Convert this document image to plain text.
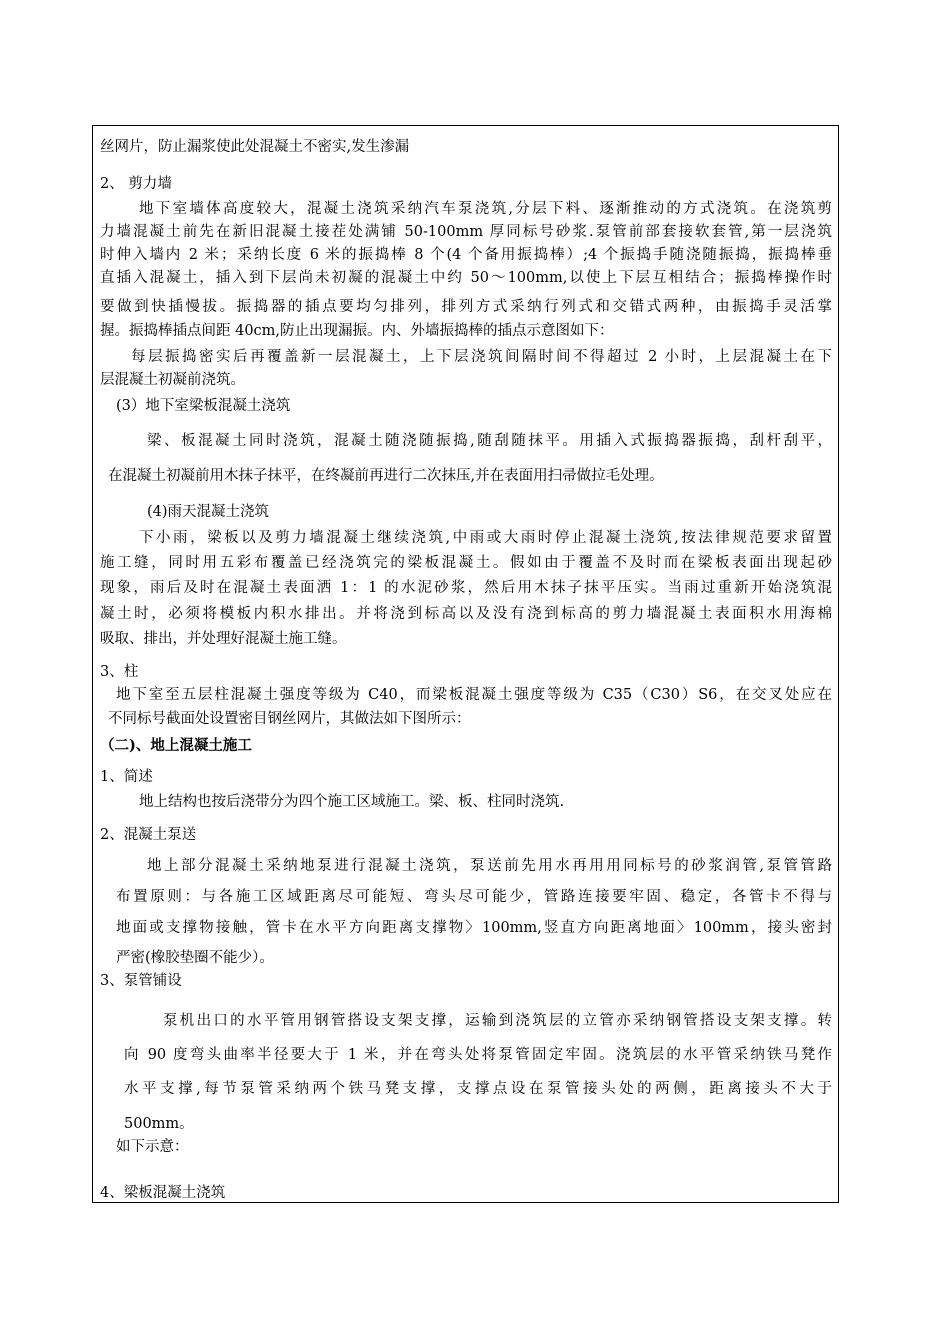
丝网片，防止漏浆使此处混凝土不密实,发生渗漏
2、 剪力墙
地下室墙体高度较大，混凝土浇筑采纳汽车泵浇筑,分层下料、逐渐推动的方式浇筑。在浇筑剪
力墙混凝土前先在新旧混凝土接茬处满铺 50-100mm 厚同标号砂浆.泵管前部套接软套管,第一层浇筑
时伸入墙内 2 米；采纳长度 6 米的振捣棒 8 个(4 个备用振捣棒）;4 个振捣手随浇随振捣，振捣棒垂
直插入混凝土，插入到下层尚未初凝的混凝土中约 50～100mm,以使上下层互相结合；振捣棒操作时
要做到快插慢拔。振捣器的插点要均匀排列，排列方式采纳行列式和交错式两种，由振捣手灵活掌
握。振捣棒插点间距 40cm,防止出现漏振。内、外墙振捣棒的插点示意图如下：
每层振捣密实后再覆盖新一层混凝土，上下层浇筑间隔时间不得超过 2 小时，上层混凝土在下
层混凝土初凝前浇筑。
(3）地下室梁板混凝土浇筑
梁、板混凝土同时浇筑，混凝土随浇随振捣,随刮随抹平。用插入式振捣器振捣，刮杆刮平，
在混凝土初凝前用木抹子抹平，在终凝前再进行二次抹压,并在表面用扫帚做拉毛处理。
(4)雨天混凝土浇筑
下小雨，梁板以及剪力墙混凝土继续浇筑,中雨或大雨时停止混凝土浇筑,按法律规范要求留置
施工缝，同时用五彩布覆盖已经浇筑完的梁板混凝土。假如由于覆盖不及时而在梁板表面出现起砂
现象，雨后及时在混凝土表面洒 1：1 的水泥砂浆，然后用木抹子抹平压实。当雨过重新开始浇筑混
凝土时，必须将模板内积水排出。并将浇到标高以及没有浇到标高的剪力墙混凝土表面积水用海棉
吸取、排出，并处理好混凝土施工缝。
3、柱
地下室至五层柱混凝土强度等级为 C40，而梁板混凝土强度等级为 C35（C30）S6，在交叉处应在
不同标号截面处设置密目钢丝网片，其做法如下图所示：
（二)、地上混凝土施工
1、简述
地上结构也按后浇带分为四个施工区域施工。梁、板、柱同时浇筑.
2、混凝土泵送
地上部分混凝土采纳地泵进行混凝土浇筑，泵送前先用水再用用同标号的砂浆润管,泵管管路
布置原则：与各施工区域距离尽可能短、弯头尽可能少，管路连接要牢固、稳定，各管卡不得与
地面或支撑物接触，管卡在水平方向距离支撑物〉100mm,竖直方向距离地面〉100mm，接头密封
严密(橡胶垫圈不能少）。
3、泵管铺设
泵机出口的水平管用钢管搭设支架支撑，运输到浇筑层的立管亦采纳钢管搭设支架支撑。转
向 90 度弯头曲率半径要大于 1 米，并在弯头处将泵管固定牢固。浇筑层的水平管采纳铁马凳作
水平支撑,每节泵管采纳两个铁马凳支撑，支撑点设在泵管接头处的两侧，距离接头不大于
500mm。
如下示意：
4、梁板混凝土浇筑
